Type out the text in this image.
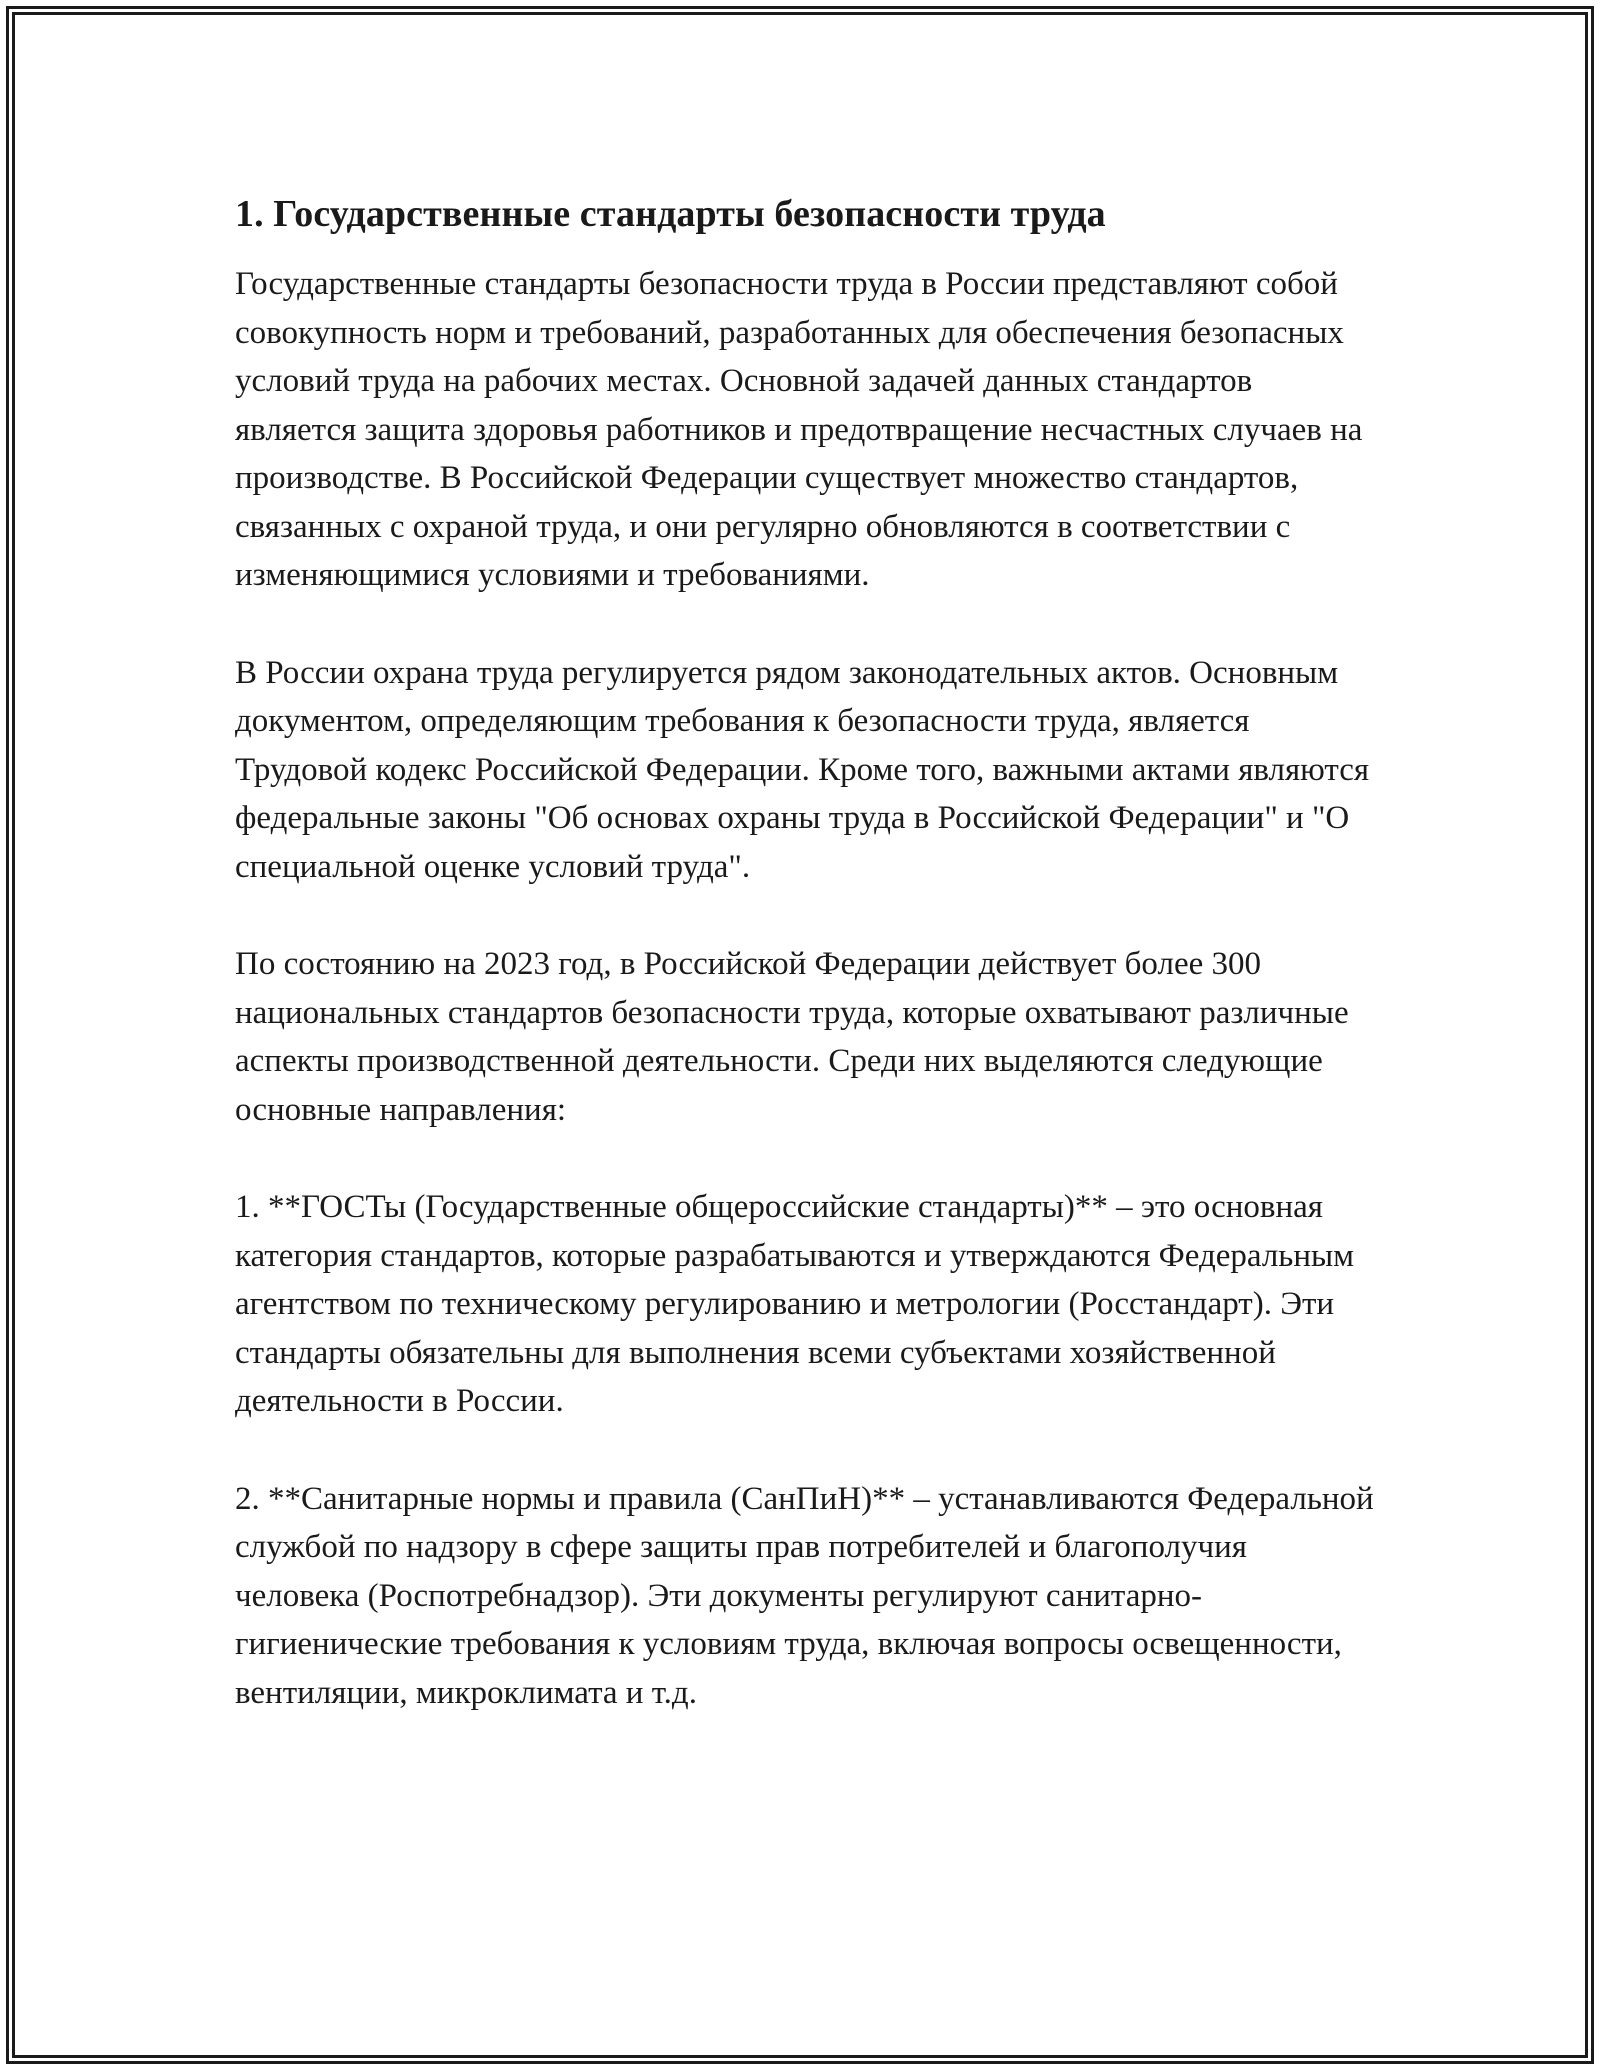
1. Государственные стандарты безопасности труда

Государственные стандарты безопасности труда в России представляют собой совокупность норм и требований, разработанных для обеспечения безопасных условий труда на рабочих местах. Основной задачей данных стандартов является защита здоровья работников и предотвращение несчастных случаев на производстве. В Российской Федерации существует множество стандартов, связанных с охраной труда, и они регулярно обновляются в соответствии с изменяющимися условиями и требованиями.

В России охрана труда регулируется рядом законодательных актов. Основным документом, определяющим требования к безопасности труда, является Трудовой кодекс Российской Федерации. Кроме того, важными актами являются федеральные законы "Об основах охраны труда в Российской Федерации" и "О специальной оценке условий труда".

По состоянию на 2023 год, в Российской Федерации действует более 300 национальных стандартов безопасности труда, которые охватывают различные аспекты производственной деятельности. Среди них выделяются следующие основные направления:

1. **ГОСТы (Государственные общероссийские стандарты)** – это основная категория стандартов, которые разрабатываются и утверждаются Федеральным агентством по техническому регулированию и метрологии (Росстандарт). Эти стандарты обязательны для выполнения всеми субъектами хозяйственной деятельности в России.

2. **Санитарные нормы и правила (СанПиН)** – устанавливаются Федеральной службой по надзору в сфере защиты прав потребителей и благополучия человека (Роспотребнадзор). Эти документы регулируют санитарно-гигиенические требования к условиям труда, включая вопросы освещенности, вентиляции, микроклимата и т.д.
